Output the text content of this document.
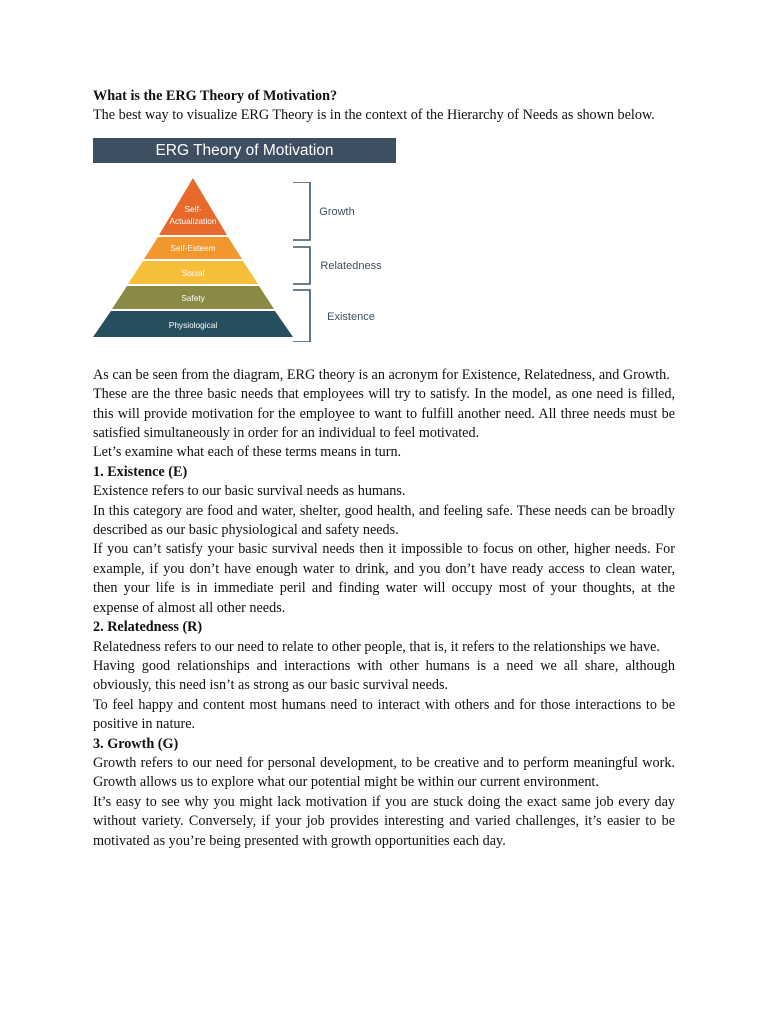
What is the ERG Theory of Motivation?

The best way to visualize ERG Theory is in the context of the Hierarchy of Needs as shown below.

ERG Theory of Motivation
Self-
Actualization
Self-Esteem
Social
Safety
Physiological
Growth
Relatedness
Existence

As can be seen from the diagram, ERG theory is an acronym for Existence, Relatedness, and Growth.

These are the three basic needs that employees will try to satisfy. In the model, as one need is filled, this will provide motivation for the employee to want to fulfill another need. All three needs must be satisfied simultaneously in order for an individual to feel motivated.

Let’s examine what each of these terms means in turn.

1. Existence (E)

Existence refers to our basic survival needs as humans.

In this category are food and water, shelter, good health, and feeling safe. These needs can be broadly described as our basic physiological and safety needs.

If you can’t satisfy your basic survival needs then it impossible to focus on other, higher needs. For example, if you don’t have enough water to drink, and you don’t have ready access to clean water, then your life is in immediate peril and finding water will occupy most of your thoughts, at the expense of almost all other needs.

2. Relatedness (R)

Relatedness refers to our need to relate to other people, that is, it refers to the relationships we have.

Having good relationships and interactions with other humans is a need we all share, although obviously, this need isn’t as strong as our basic survival needs.

To feel happy and content most humans need to interact with others and for those interactions to be positive in nature.

3. Growth (G)

Growth refers to our need for personal development, to be creative and to perform meaningful work. Growth allows us to explore what our potential might be within our current environment.

It’s easy to see why you might lack motivation if you are stuck doing the exact same job every day without variety. Conversely, if your job provides interesting and varied challenges, it’s easier to be motivated as you’re being presented with growth opportunities each day.
